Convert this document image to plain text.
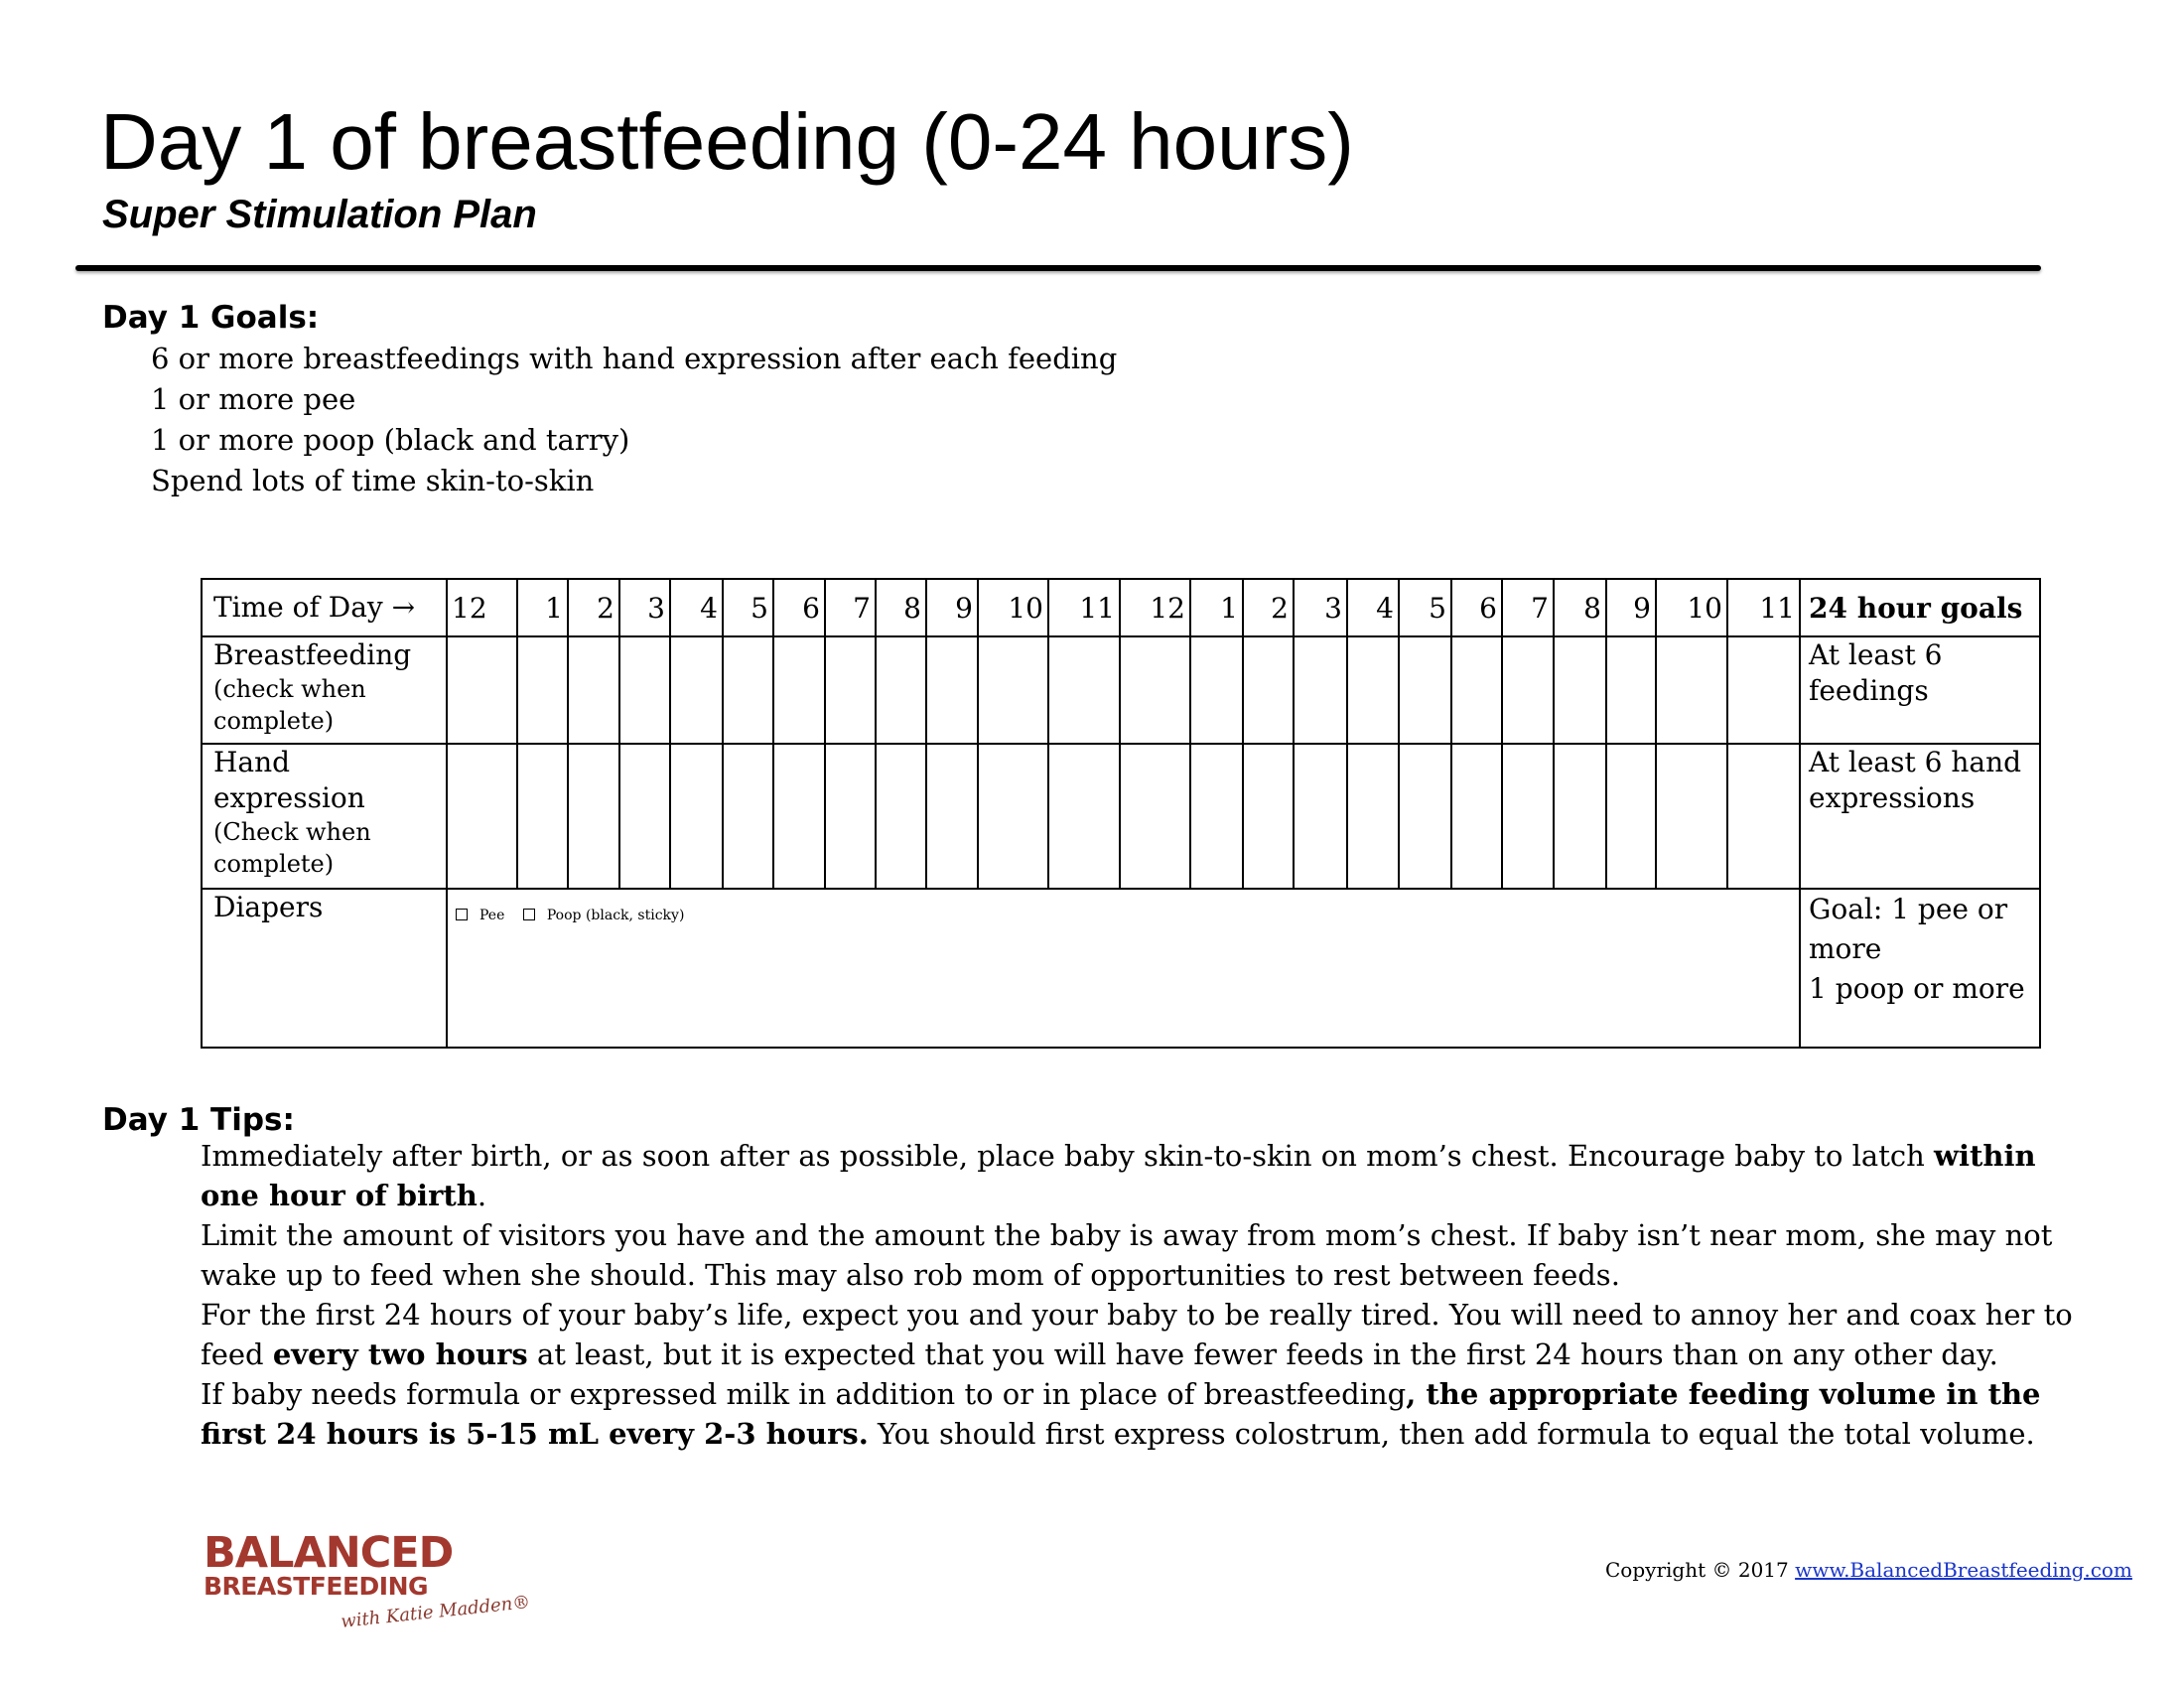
Day 1 of breastfeeding (0-24 hours)
Super Stimulation Plan
Day 1 Goals:
6 or more breastfeedings with hand expression after each feeding
1 or more pee
1 or more poop (black and tarry)
Spend lots of time skin-to-skin
Time of Day →	12	1	2	3	4	5	6	7	8	9	10	11	12	1	2	3	4	5	6	7	8	9	10	11	24 hour goals
Breastfeeding
(check when complete)																									At least 6 feedings
Hand expression
(Check when complete)																									At least 6 hand expressions
Diapers	Pee Poop (black, sticky)																								Goal: 1 pee or more
1 poop or more
Day 1 Tips:

Immediately after birth, or as soon after as possible, place baby skin-to-skin on mom’s chest. Encourage baby to latch within one hour of birth.

Limit the amount of visitors you have and the amount the baby is away from mom’s chest. If baby isn’t near mom, she may not wake up to feed when she should. This may also rob mom of opportunities to rest between feeds.

For the first 24 hours of your baby’s life, expect you and your baby to be really tired. You will need to annoy her and coax her to feed every two hours at least, but it is expected that you will have fewer feeds in the first 24 hours than on any other day.

If baby needs formula or expressed milk in addition to or in place of breastfeeding, the appropriate feeding volume in the first 24 hours is 5-15 mL every 2-3 hours. You should first express colostrum, then add formula to equal the total volume.

BALANCED
BREASTFEEDING
with Katie Madden®
Copyright © 2017 www.BalancedBreastfeeding.com
